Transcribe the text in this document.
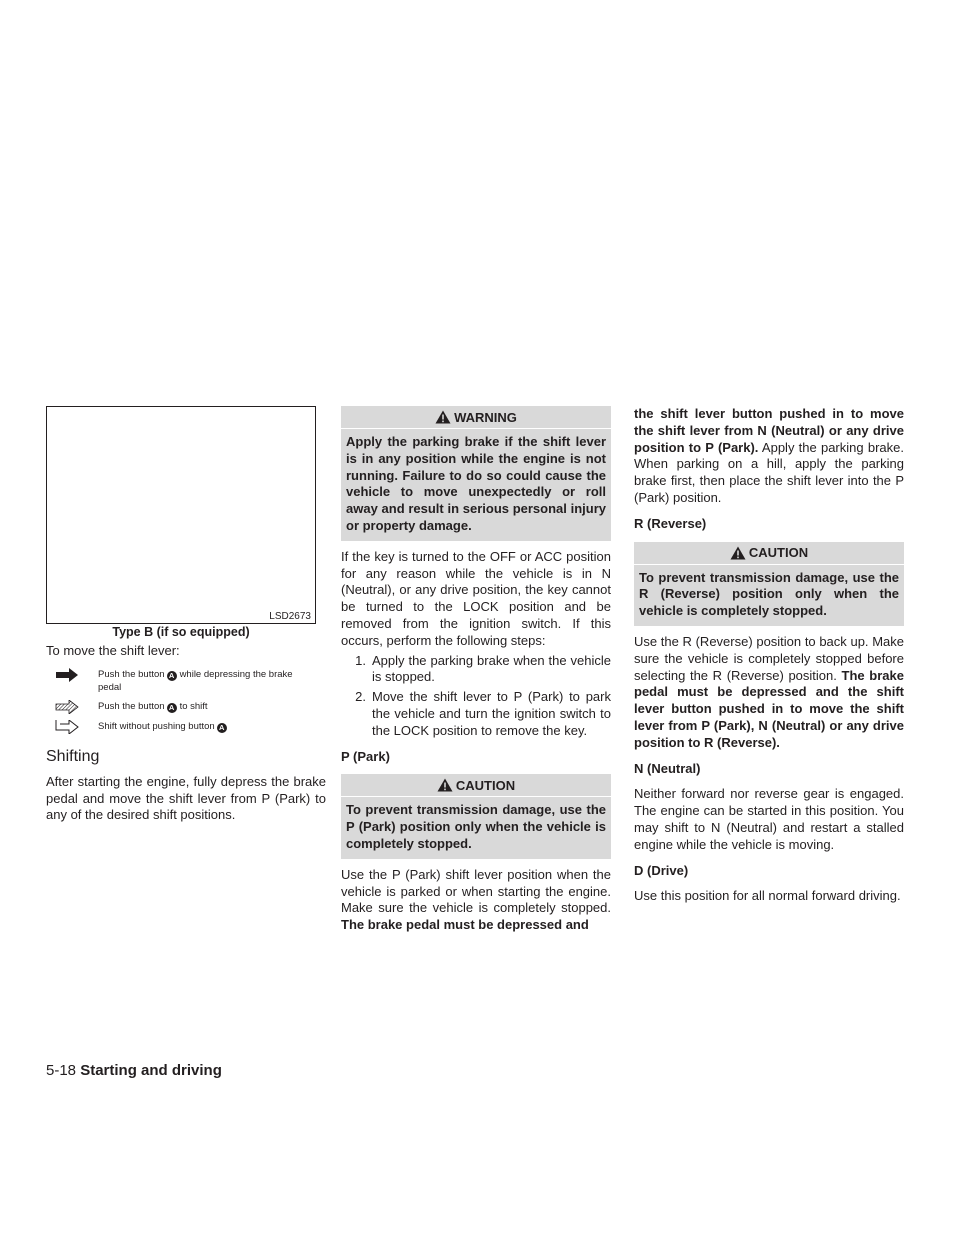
LSD2673
Type B (if so equipped)

To move the shift lever:

Push the button A while depressing the brake pedal
Push the button A to shift
Shift without pushing button A
Shifting

After starting the engine, fully depress the brake pedal and move the shift lever from P (Park) to any of the desired shift positions.

WARNING
Apply the parking brake if the shift lever is in any position while the engine is not running. Failure to do so could cause the vehicle to move unexpectedly or roll away and result in serious personal injury or property damage.

If the key is turned to the OFF or ACC position for any reason while the vehicle is in N (Neutral), or any drive position, the key cannot be turned to the LOCK position and be removed from the ignition switch. If this occurs, perform the following steps:

1. Apply the parking brake when the vehicle is stopped.
2. Move the shift lever to P (Park) to park the vehicle and turn the ignition switch to the LOCK position to remove the key.

P (Park)

CAUTION
To prevent transmission damage, use the P (Park) position only when the vehicle is completely stopped.

Use the P (Park) shift lever position when the vehicle is parked or when starting the engine. Make sure the vehicle is completely stopped. The brake pedal must be depressed and

the shift lever button pushed in to move the shift lever from N (Neutral) or any drive position to P (Park). Apply the parking brake. When parking on a hill, apply the parking brake first, then place the shift lever into the P (Park) position.

R (Reverse)

CAUTION
To prevent transmission damage, use the R (Reverse) position only when the vehicle is completely stopped.

Use the R (Reverse) position to back up. Make sure the vehicle is completely stopped before selecting the R (Reverse) position. The brake pedal must be depressed and the shift lever button pushed in to move the shift lever from P (Park), N (Neutral) or any drive position to R (Reverse).

N (Neutral)

Neither forward nor reverse gear is engaged. The engine can be started in this position. You may shift to N (Neutral) and restart a stalled engine while the vehicle is moving.

D (Drive)

Use this position for all normal forward driving.

5-18 Starting and driving
